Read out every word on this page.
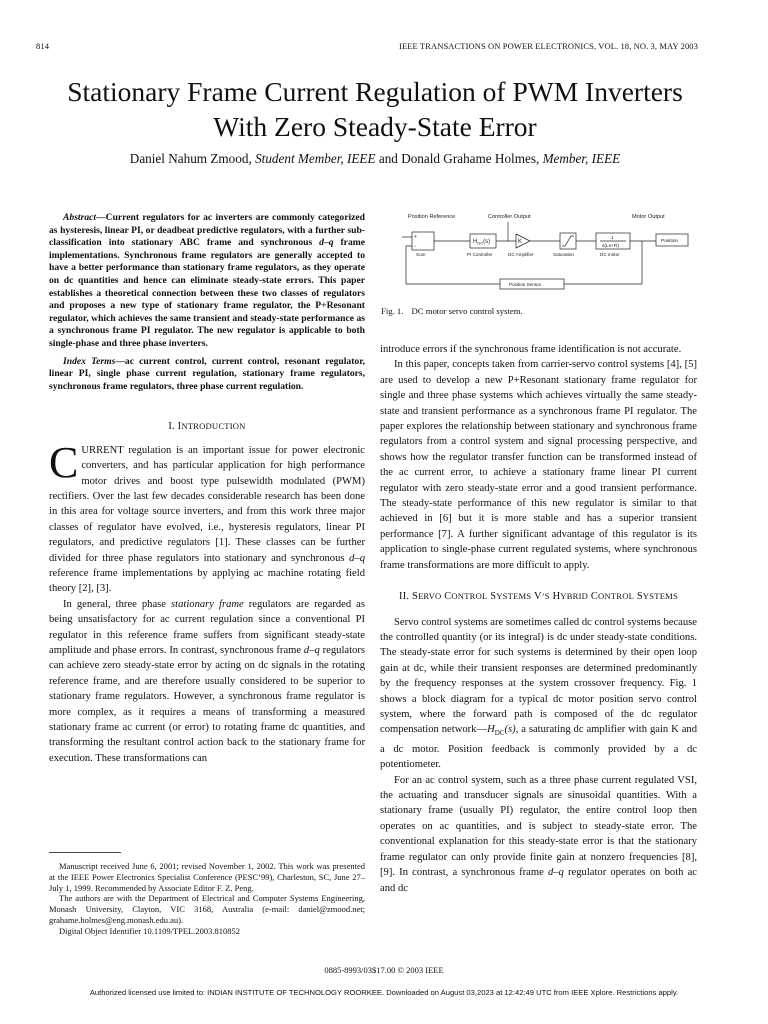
814	IEEE TRANSACTIONS ON POWER ELECTRONICS, VOL. 18, NO. 3, MAY 2003
Stationary Frame Current Regulation of PWM Inverters With Zero Steady-State Error
Daniel Nahum Zmood, Student Member, IEEE and Donald Grahame Holmes, Member, IEEE

Abstract—Current regulators for ac inverters are commonly categorized as hysteresis, linear PI, or deadbeat predictive regulators, with a further sub-classification into stationary ABC frame and synchronous d–q frame implementations. Synchronous frame regulators are generally accepted to have a better performance than stationary frame regulators, as they operate on dc quantities and hence can eliminate steady-state errors. This paper establishes a theoretical connection between these two classes of regulators and proposes a new type of stationary frame regulator, the P+Resonant regulator, which achieves the same transient and steady-state performance as a synchronous frame PI regulator. The new regulator is applicable to both single-phase and three phase inverters.

Index Terms—ac current control, current control, resonant regulator, linear PI, single phase current regulation, stationary frame regulators, synchronous frame regulators, three phase current regulation.

I. INTRODUCTION

CURRENT regulation is an important issue for power electronic converters, and has particular application for high performance motor drives and boost type pulsewidth modulated (PWM) rectifiers. Over the last few decades considerable research has been done in this area for voltage source inverters, and from this work three major classes of regulator have evolved, i.e., hysteresis regulators, linear PI regulators, and predictive regulators [1]. These classes can be further divided for three phase regulators into stationary and synchronous d–q reference frame implementations by applying ac machine rotating field theory [2], [3].

In general, three phase stationary frame regulators are regarded as being unsatisfactory for ac current regulation since a conventional PI regulator in this reference frame suffers from significant steady-state amplitude and phase errors. In contrast, synchronous frame d–q regulators can achieve zero steady-state error by acting on dc signals in the rotating reference frame, and are therefore usually considered to be superior to stationary frame regulators. However, a synchronous frame regulator is more complex, as it requires a means of transforming a measured stationary frame ac current (or error) to rotating frame dc quantities, and transforming the resultant control action back to the stationary frame for execution. These transformations can

Manuscript received June 6, 2001; revised November 1, 2002. This work was presented at the IEEE Power Electronics Specialist Conference (PESC’99), Charleston, SC, June 27–July 1, 1999. Recommended by Associate Editor F. Z. Peng.

The authors are with the Department of Electrical and Computer Systems Engineering, Monash University, Clayton, VIC 3168, Australia (e-mail: daniel@zmood.net; grahame.holmes@eng.monash.edu.au).

Digital Object Identifier 10.1109/TPEL.2003.810852

Position Reference	Controller Output	Motor Output
+
-
Sum
$H_{DC}(s)$
PI Controller
K
DC Amplifier	Saturation
1
s(Ls+R)
DC motor
Position
Position Sensor
Fig. 1. DC motor servo control system.

introduce errors if the synchronous frame identification is not accurate.

In this paper, concepts taken from carrier-servo control systems [4], [5] are used to develop a new P+Resonant stationary frame regulator for single and three phase systems which achieves virtually the same steady-state and transient performance as a synchronous frame PI regulator. The paper explores the relationship between stationary and synchronous frame regulators from a control system and signal processing perspective, and shows how the regulator transfer function can be transformed instead of the ac current error, to achieve a stationary frame linear PI current regulator with zero steady-state error and a good transient performance. The steady-state performance of this new regulator is similar to that achieved in [6] but it is more stable and has a superior transient performance [7]. A further significant advantage of this regulator is its application to single-phase current regulated systems, where synchronous frame transformations are more difficult to apply.

II. SERVO CONTROL SYSTEMS V’S HYBRID CONTROL SYSTEMS

Servo control systems are sometimes called dc control systems because the controlled quantity (or its integral) is dc under steady-state conditions. The steady-state error for such systems is determined by their open loop gain at dc, while their transient responses are determined predominantly by the frequency responses at the system crossover frequency. Fig. 1 shows a block diagram for a typical dc motor position servo control system, where the forward path is composed of the dc regulator compensation $network—H_{DC}(s)$, a saturating dc amplifier with gain K and a dc motor. Position feedback is commonly provided by a dc potentiometer.

For an ac control system, such as a three phase current regulated VSI, the actuating and transducer signals are sinusoidal quantities. With a stationary frame (usually PI) regulator, the entire control loop then operates on ac quantities, and is subject to steady-state error. The conventional explanation for this steady-state error is that the stationary frame regulator can only provide finite gain at nonzero frequencies [8], [9]. In contrast, a synchronous frame d–q regulator operates on both ac and dc

0885-8993/03$17.00 © 2003 IEEE
Authorized licensed use limited to: INDIAN INSTITUTE OF TECHNOLOGY ROORKEE. Downloaded on August 03,2023 at 12:42:49 UTC from IEEE Xplore. Restrictions apply.
